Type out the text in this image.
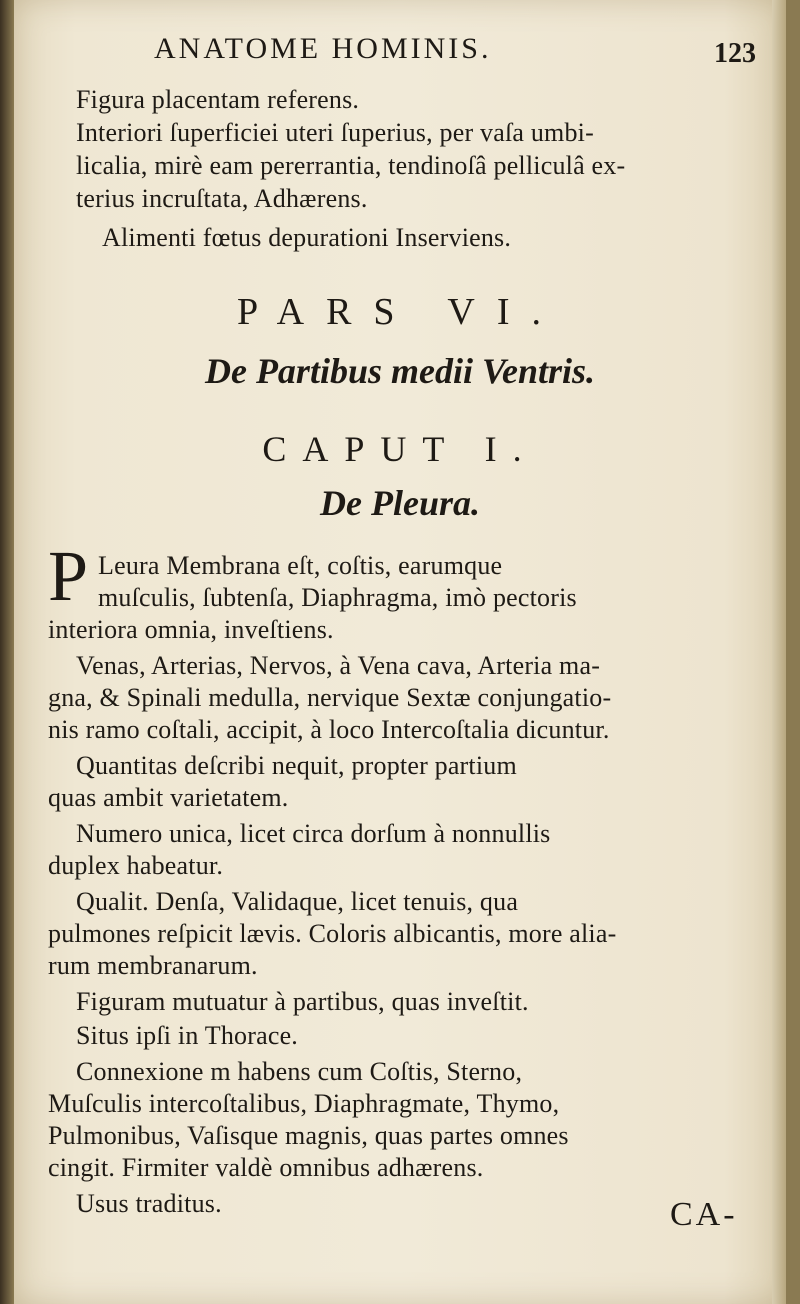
ANATOME HOMINIS.	123
Figura placentam referens.
Interiori ſuperficiei uteri ſuperius, per vaſa umbi-
licalia, mirè eam pererrantia, tendinoſâ pelliculâ ex-
terius incruſtata, Adhærens.
Alimenti fœtus depurationi Inserviens.
PARS VI.
De Partibus medii Ventris.
CAPUT I.
De Pleura.
P Leura Membrana eſt, coſtis, earumque
muſculis, ſubtenſa, Diaphragma, imò pectoris
interiora omnia, inveſtiens.
Venas, Arterias, Nervos, à Vena cava, Arteria ma-
gna, & Spinali medulla, nervique Sextæ conjungatio-
nis ramo coſtali, accipit, à loco Intercoſtalia dicuntur.
Quantitas deſcribi nequit, propter partium
quas ambit varietatem.
Numero unica, licet circa dorſum à nonnullis
duplex habeatur.
Qualit. Denſa, Validaque, licet tenuis, qua
pulmones reſpicit lævis. Coloris albicantis, more alia-
rum membranarum.
Figuram mutuatur à partibus, quas inveſtit.
Situs ipſi in Thorace.
Connexione m habens cum Coſtis, Sterno,
Muſculis intercoſtalibus, Diaphragmate, Thymo,
Pulmonibus, Vaſisque magnis, quas partes omnes
cingit. Firmiter valdè omnibus adhærens.
Usus traditus.	CA-
